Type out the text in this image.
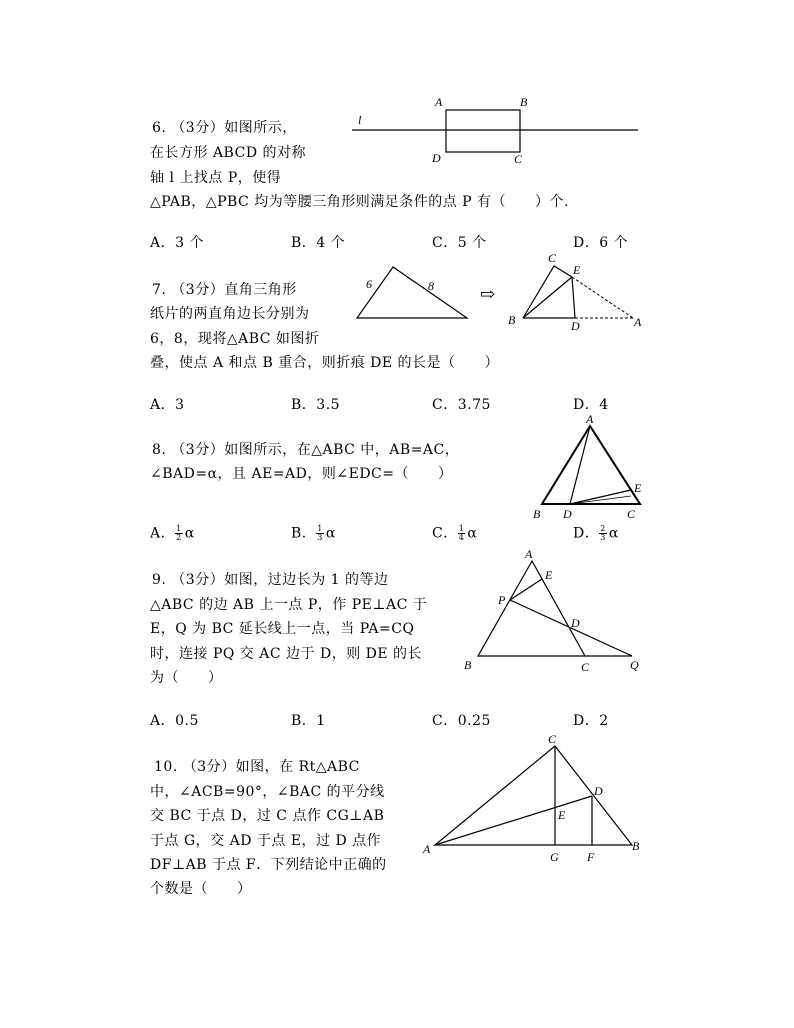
6. （3分）如图所示，
在长方形 ABCD 的对称
轴 l 上找点 P，使得
△PAB，△PBC 均为等腰三角形则满足条件的点 P 有（　　）个.
l
A	B
D	C
A．3 个	B．4 个	C．5 个	D．6 个
7. （3分）直角三角形
纸片的两直角边长分别为
6，8，现将△ABC 如图折
叠，使点 A 和点 B 重合，则折痕 DE 的长是（　　）
6	8	⇨
C
E
B	D	A
A．3	B．3.5	C．3.75	D．4
8. （3分）如图所示，在△ABC 中，AB=AC，
∠BAD=α，且 AE=AD，则∠EDC=（　　）
A
B D	C
E
A． $\frac{1}{2}$ α	B． $\frac{1}{3}$ α	C． $\frac{1}{4}$ α	D． $\frac{2}{3}$ α
9. （3分）如图，过边长为 1 的等边
△ABC 的边 AB 上一点 P，作 PE⊥AC 于
E，Q 为 BC 延长线上一点，当 PA=CQ
时，连接 PQ 交 AC 边于 D，则 DE 的长
为（　　）
A
E
P
D
B	C	Q
A．0.5	B．1	C．0.25	D．2
10. （3分）如图，在 Rt△ABC
中，∠ACB=90°，∠BAC 的平分线
交 BC 于点 D，过 C 点作 CG⊥AB
于点 G，交 AD 于点 E，过 D 点作
DF⊥AB 于点 F．下列结论中正确的
个数是（　　）
C
D
E
A
G F
B
